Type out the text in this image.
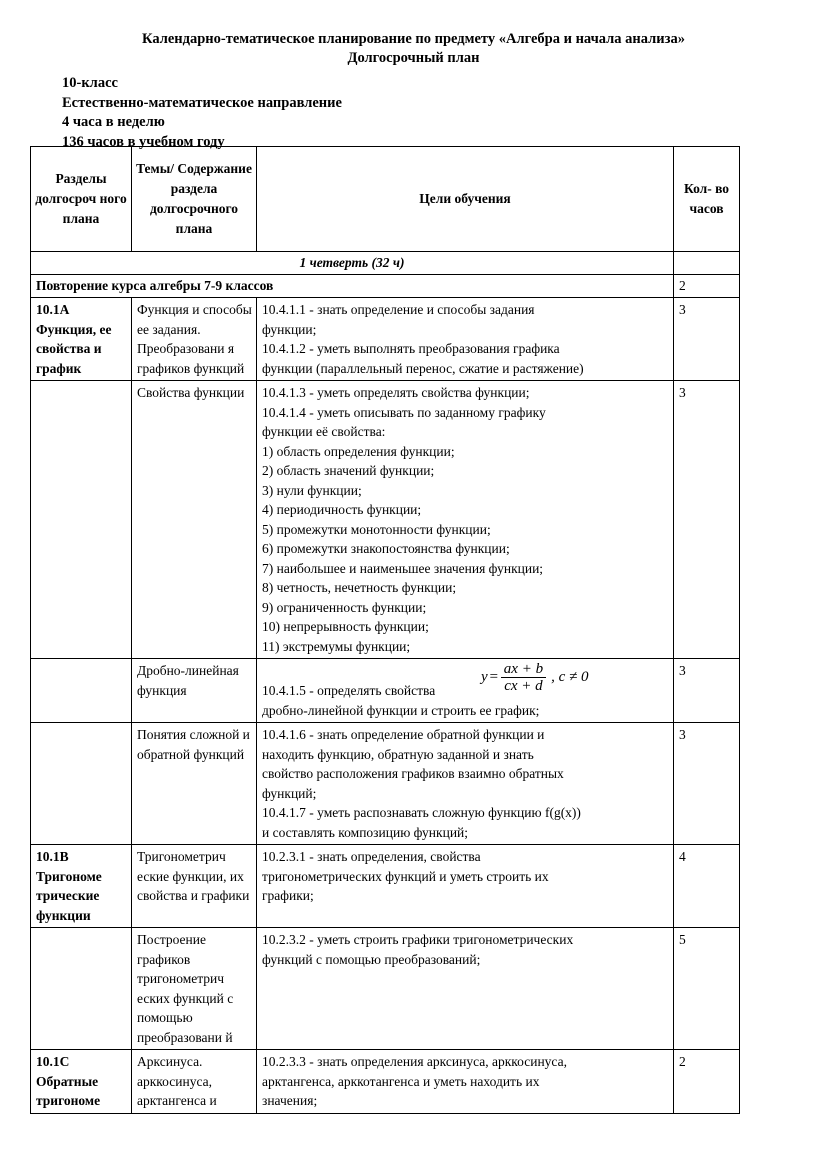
Календарно-тематическое планирование по предмету «Алгебра и начала анализа»
Долгосрочный план
10-класс
Естественно-математическое направление
4 часа в неделю
136 часов в учебном году
Разделы долгосроч ного плана	Темы/ Содержание раздела долгосрочного плана	Цели обучения	Кол- во часов
1 четверть (32 ч)			
Повторение курса алгебры 7-9 классов			2
10.1А Функция, ее свойства и график	Функция и способы ее задания. Преобразовани я графиков функций	10.4.1.1 - знать определение и способы задания
функции;
10.4.1.2 - уметь выполнять преобразования графика
функции (параллельный перенос, сжатие и растяжение)	3
	Свойства функции	10.4.1.3 - уметь определять свойства функции;
10.4.1.4 - уметь описывать по заданному графику
функции её свойства:
1) область определения функции;
2) область значений функции;
3) нули функции;
4) периодичность функции;
5) промежутки монотонности функции;
6) промежутки знакопостоянства функции;
7) наибольшее и наименьшее значения функции;
8) четность, нечетность функции;
9) ограниченность функции;
10) непрерывность функции;
11) экстремумы функции;
	3
	Дробно-линейная функция	
$y = \frac{ax + b}{cx + d}$ , c ≠ 0
10.4.1.5 - определять свойства
дробно-линейной функции и строить ее график;
	3
	Понятия сложной и обратной функций	
10.4.1.6 - знать определение обратной функции и
находить функцию, обратную заданной и знать
свойство расположения графиков взаимно обратных
функций;
10.4.1.7 - уметь распознавать сложную функцию f(g(x))
и составлять композицию функций;
	3
10.1В Тригономе трические функции	Тригонометрич еские функции, их свойства и графики	10.2.3.1 - знать определения, свойства
тригонометрических функций и уметь строить их
графики;	4
	Построение графиков тригонометрич еских функций с помощью преобразовани й	10.2.3.2 - уметь строить графики тригонометрических
функций с помощью преобразований;	5
10.1С Обратные тригономе	Арксинуса. арккосинуса, арктангенса и	10.2.3.3 - знать определения арксинуса, арккосинуса,
арктангенса, арккотангенса и уметь находить их
значения;	2
